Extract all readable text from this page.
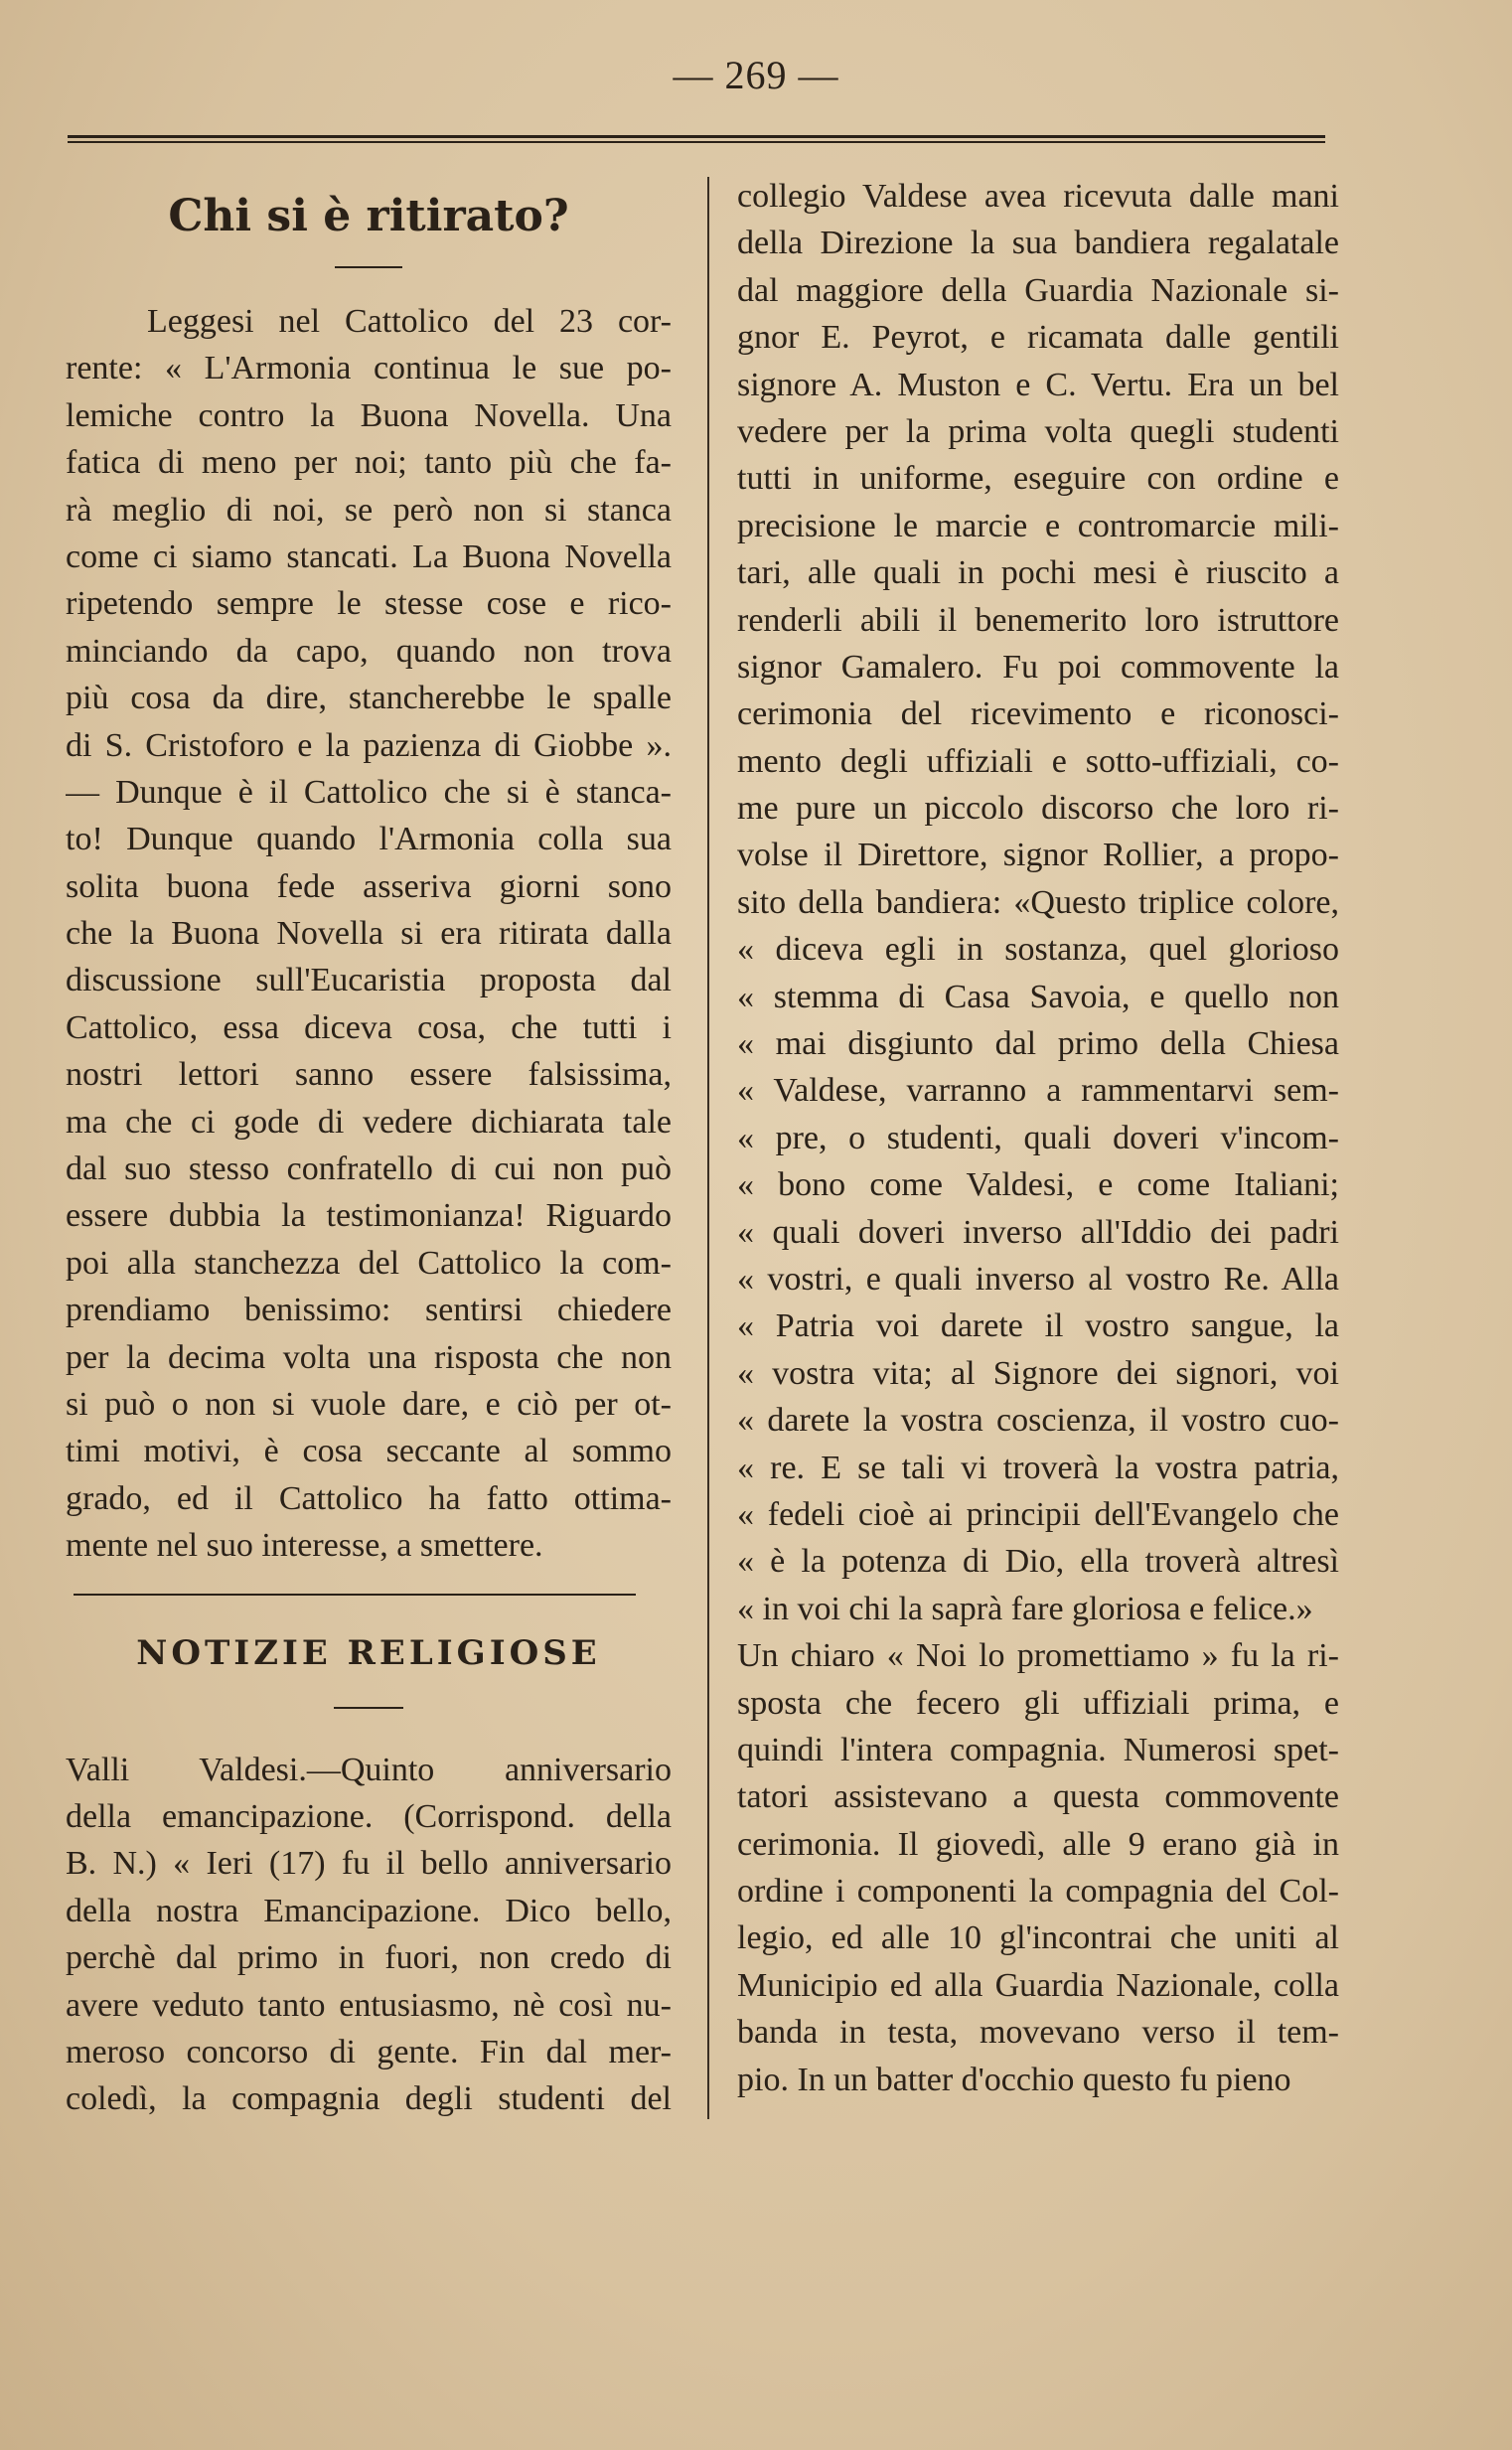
— 269 —
Chi si è ritirato?
Leggesi nel Cattolico del 23 cor-
rente: « L'Armonia continua le sue po-
lemiche contro la Buona Novella. Una
fatica di meno per noi; tanto più che fa-
rà meglio di noi, se però non si stanca
come ci siamo stancati. La Buona Novella
ripetendo sempre le stesse cose e rico-
minciando da capo, quando non trova
più cosa da dire, stancherebbe le spalle
di S. Cristoforo e la pazienza di Giobbe ».
— Dunque è il Cattolico che si è stanca-
to! Dunque quando l'Armonia colla sua
solita buona fede asseriva giorni sono
che la Buona Novella si era ritirata dalla
discussione sull'Eucaristia proposta dal
Cattolico, essa diceva cosa, che tutti i
nostri lettori sanno essere falsissima,
ma che ci gode di vedere dichiarata tale
dal suo stesso confratello di cui non può
essere dubbia la testimonianza! Riguardo
poi alla stanchezza del Cattolico la com-
prendiamo benissimo: sentirsi chiedere
per la decima volta una risposta che non
si può o non si vuole dare, e ciò per ot-
timi motivi, è cosa seccante al sommo
grado, ed il Cattolico ha fatto ottima-
mente nel suo interesse, a smettere.
NOTIZIE RELIGIOSE
Valli Valdesi.—Quinto anniversario
della emancipazione. (Corrispond. della
B. N.) « Ieri (17) fu il bello anniversario
della nostra Emancipazione. Dico bello,
perchè dal primo in fuori, non credo di
avere veduto tanto entusiasmo, nè così nu-
meroso concorso di gente. Fin dal mer-
coledì, la compagnia degli studenti del
collegio Valdese avea ricevuta dalle mani
della Direzione la sua bandiera regalatale
dal maggiore della Guardia Nazionale si-
gnor E. Peyrot, e ricamata dalle gentili
signore A. Muston e C. Vertu. Era un bel
vedere per la prima volta quegli studenti
tutti in uniforme, eseguire con ordine e
precisione le marcie e contromarcie mili-
tari, alle quali in pochi mesi è riuscito a
renderli abili il benemerito loro istruttore
signor Gamalero. Fu poi commovente la
cerimonia del ricevimento e riconosci-
mento degli uffiziali e sotto-uffiziali, co-
me pure un piccolo discorso che loro ri-
volse il Direttore, signor Rollier, a propo-
sito della bandiera: «Questo triplice colore,
« diceva egli in sostanza, quel glorioso
« stemma di Casa Savoia, e quello non
« mai disgiunto dal primo della Chiesa
« Valdese, varranno a rammentarvi sem-
« pre, o studenti, quali doveri v'incom-
« bono come Valdesi, e come Italiani;
« quali doveri inverso all'Iddio dei padri
« vostri, e quali inverso al vostro Re. Alla
« Patria voi darete il vostro sangue, la
« vostra vita; al Signore dei signori, voi
« darete la vostra coscienza, il vostro cuo-
« re. E se tali vi troverà la vostra patria,
« fedeli cioè ai principii dell'Evangelo che
« è la potenza di Dio, ella troverà altresì
« in voi chi la saprà fare gloriosa e felice.»
Un chiaro « Noi lo promettiamo » fu la ri-
sposta che fecero gli uffiziali prima, e
quindi l'intera compagnia. Numerosi spet-
tatori assistevano a questa commovente
cerimonia. Il giovedì, alle 9 erano già in
ordine i componenti la compagnia del Col-
legio, ed alle 10 gl'incontrai che uniti al
Municipio ed alla Guardia Nazionale, colla
banda in testa, movevano verso il tem-
pio. In un batter d'occhio questo fu pieno
